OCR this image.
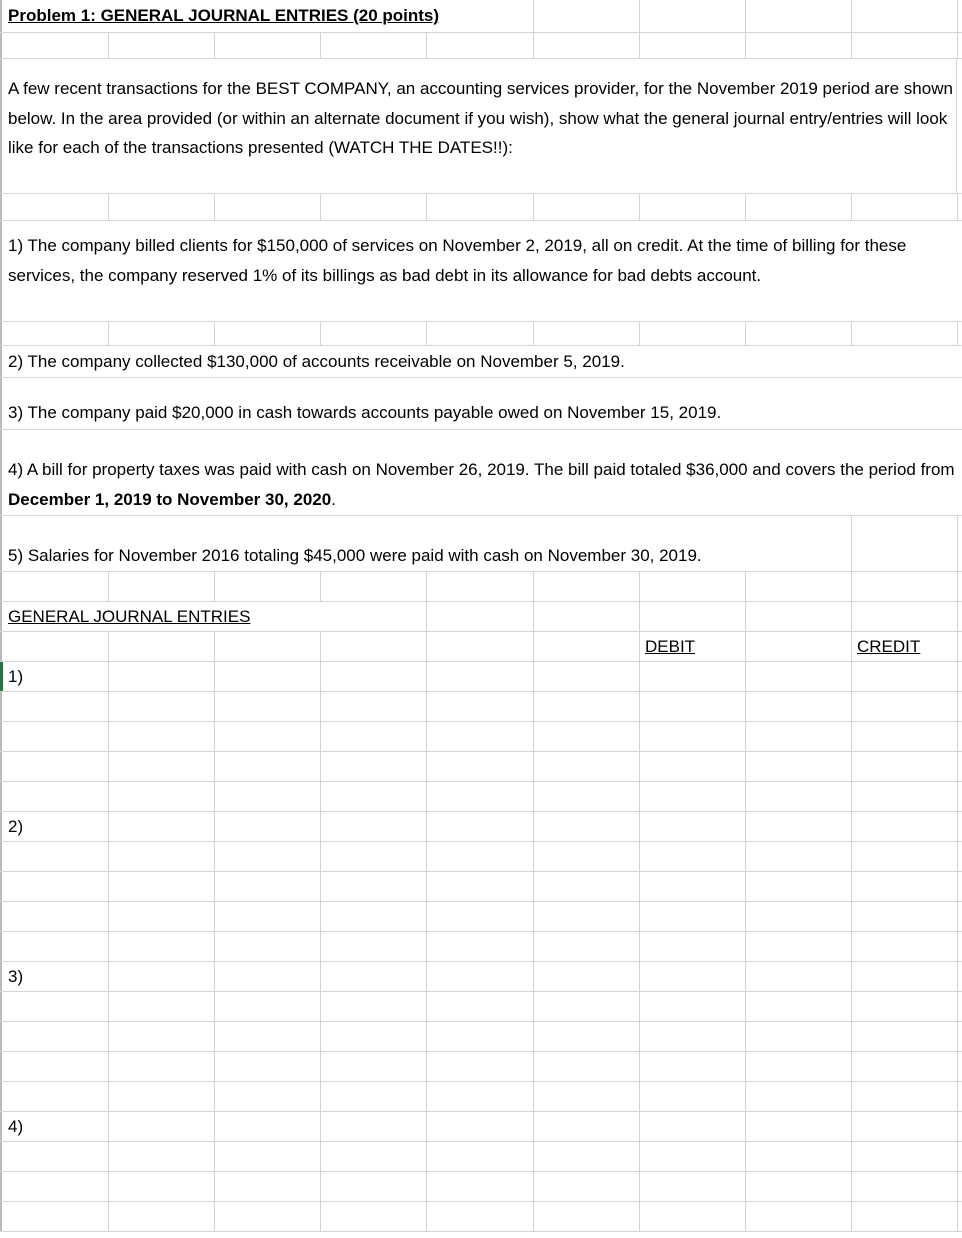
Problem 1: GENERAL JOURNAL ENTRIES (20 points)
A few recent transactions for the BEST COMPANY, an accounting services provider, for the November 2019 period are shown below. In the area provided (or within an alternate document if you wish), show what the general journal entry/entries will look like for each of the transactions presented (WATCH THE DATES!!):
1) The company billed clients for $150,000 of services on November 2, 2019, all on credit. At the time of billing for these services, the company reserved 1% of its billings as bad debt in its allowance for bad debts account.
2) The company collected $130,000 of accounts receivable on November 5, 2019.
3) The company paid $20,000 in cash towards accounts payable owed on November 15, 2019.
4) A bill for property taxes was paid with cash on November 26, 2019. The bill paid totaled $36,000 and covers the period from December 1, 2019 to November 30, 2020.
5) Salaries for November 2016 totaling $45,000 were paid with cash on November 30, 2019.
GENERAL JOURNAL ENTRIES
DEBIT	CREDIT
1)
2)
3)
4)
